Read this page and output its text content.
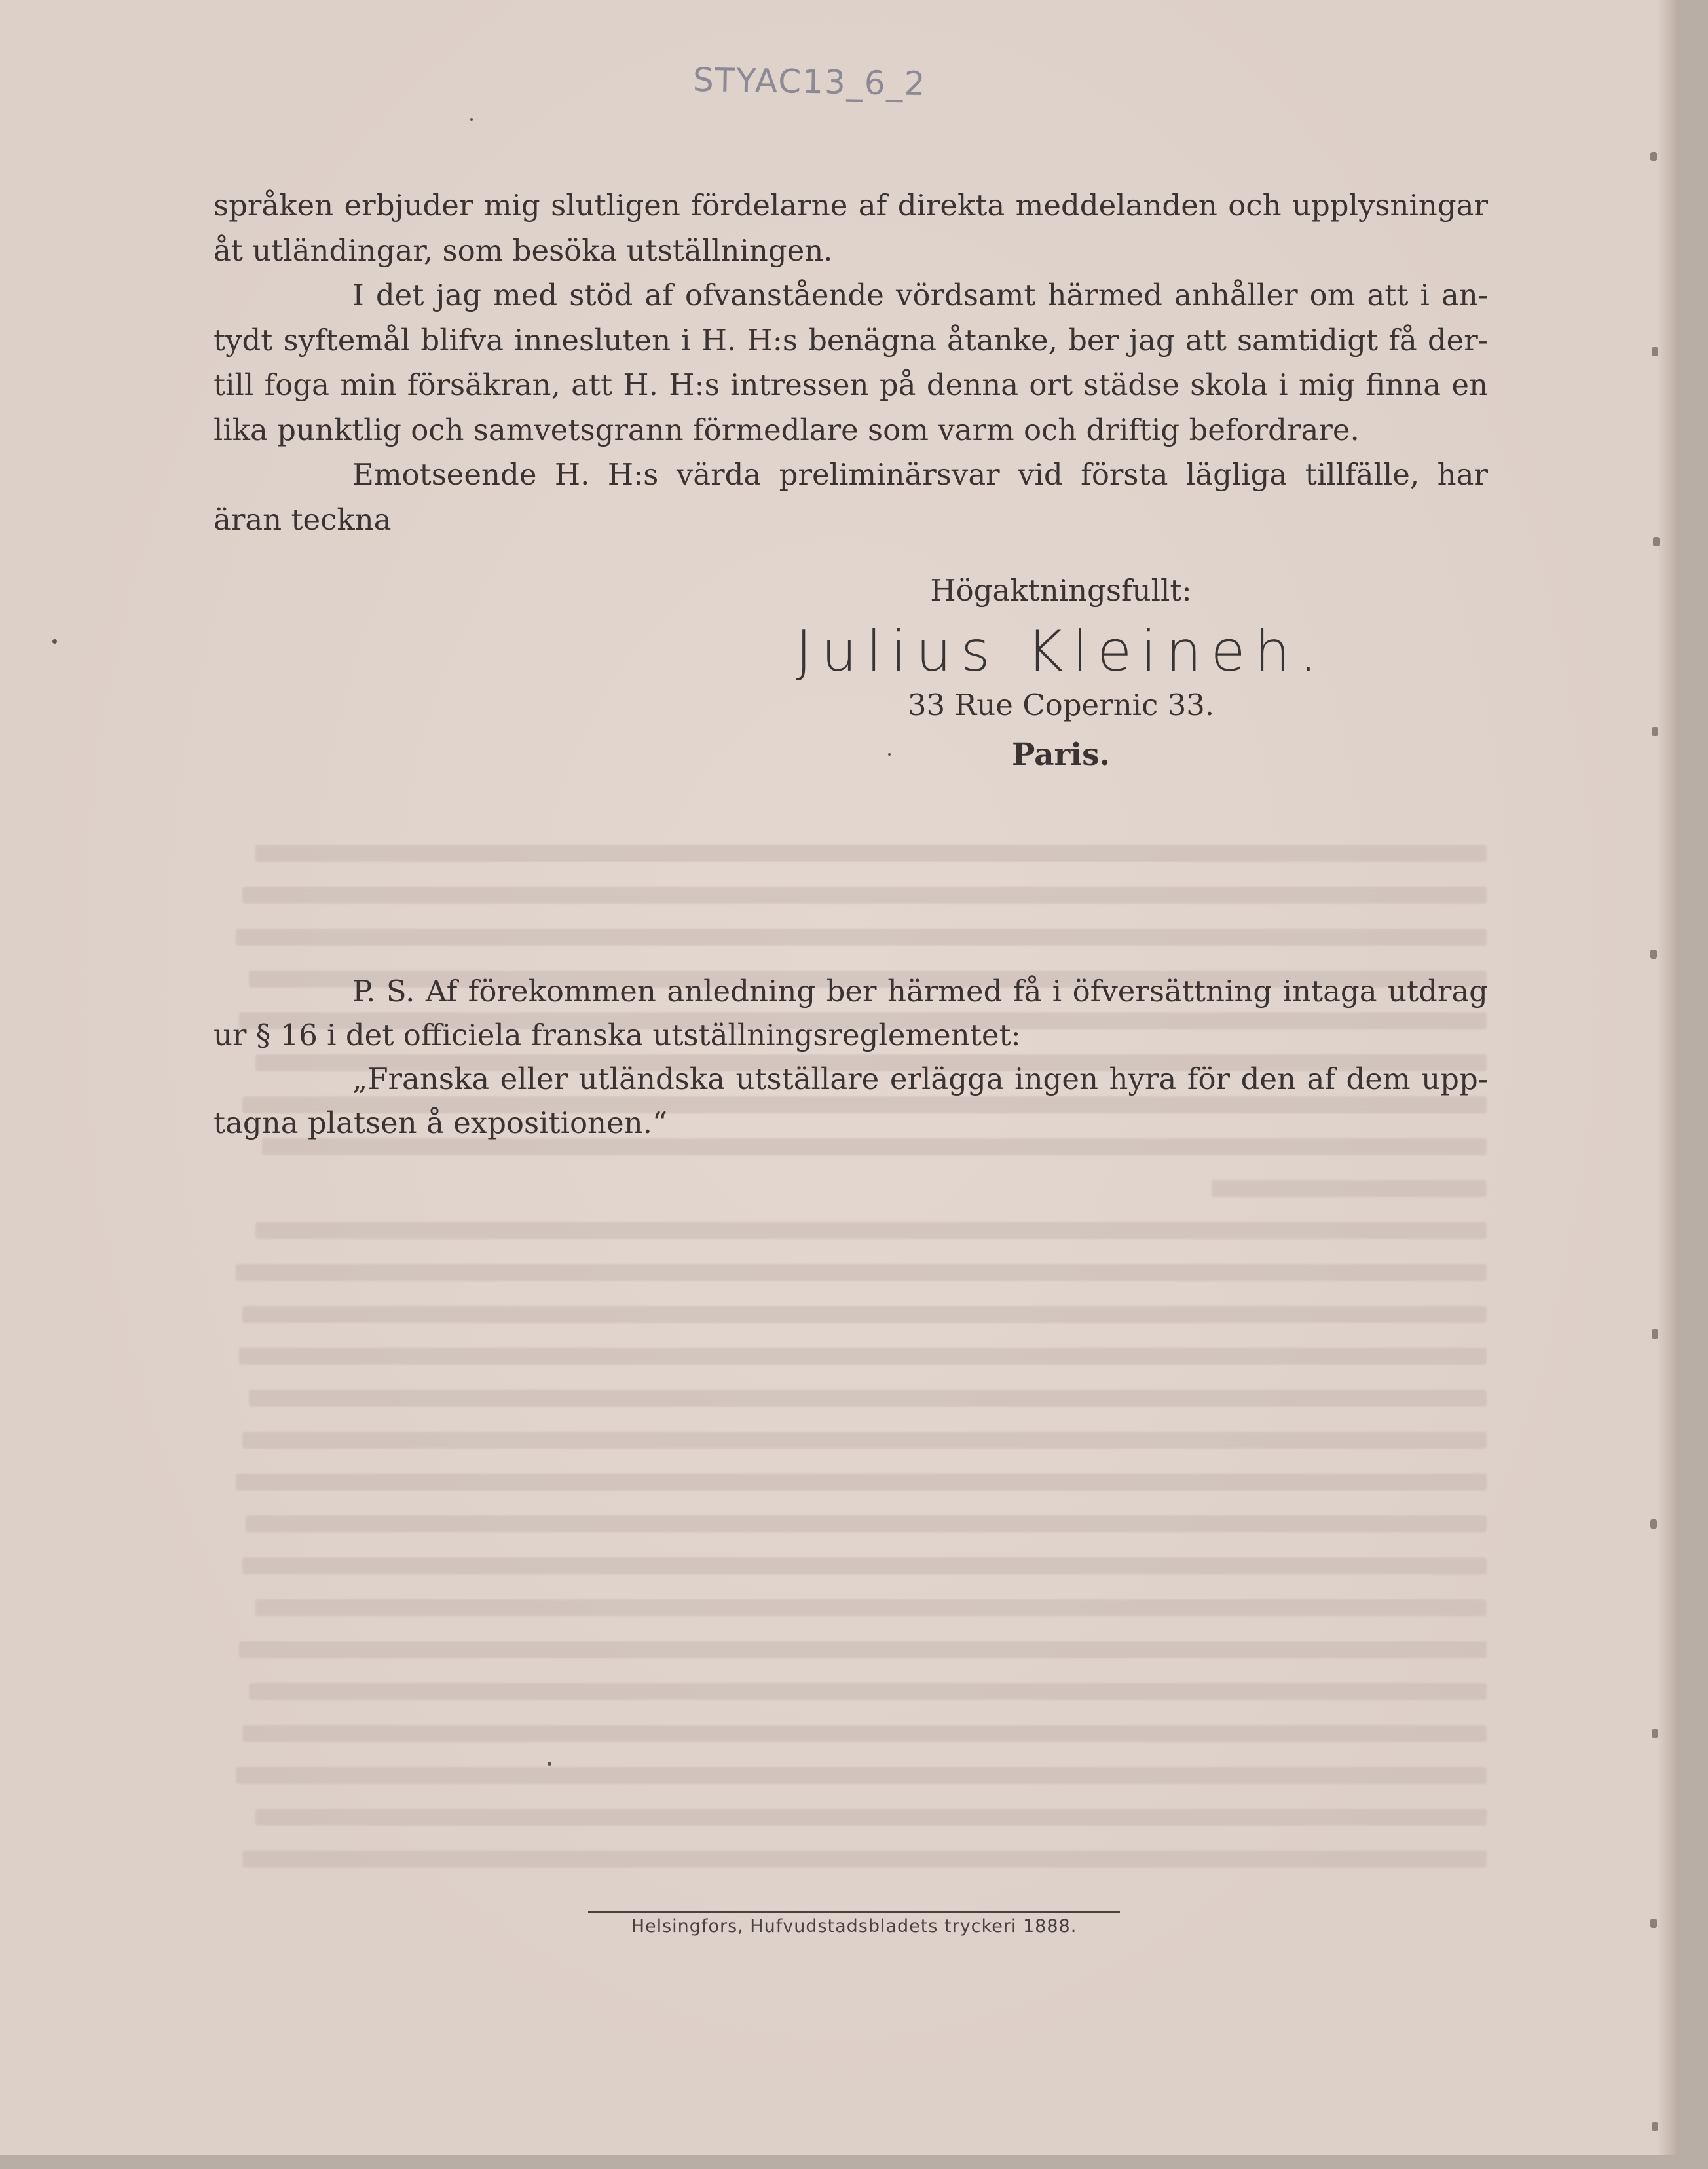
STYAC13_6_2
språken erbjuder mig slutligen fördelarne af direkta meddelanden och upplysningar
åt utländingar, som besöka utställningen.
I det jag med stöd af ofvanstående vördsamt härmed anhåller om att i an-
tydt syftemål blifva innesluten i H. H:s benägna åtanke, ber jag att samtidigt få der-
till foga min försäkran, att H. H:s intressen på denna ort städse skola i mig finna en
lika punktlig och samvetsgrann förmedlare som varm och driftig befordrare.
Emotseende H. H:s värda preliminärsvar vid första lägliga tillfälle, har
äran teckna
Högaktningsfullt:
Julius Kleineh.
33 Rue Copernic 33.
Paris.
P. S. Af förekommen anledning ber härmed få i öfversättning intaga utdrag
ur § 16 i det officiela franska utställningsreglementet:
„Franska eller utländska utställare erlägga ingen hyra för den af dem upp-
tagna platsen å expositionen.“
Helsingfors, Hufvudstadsbladets tryckeri 1888.
